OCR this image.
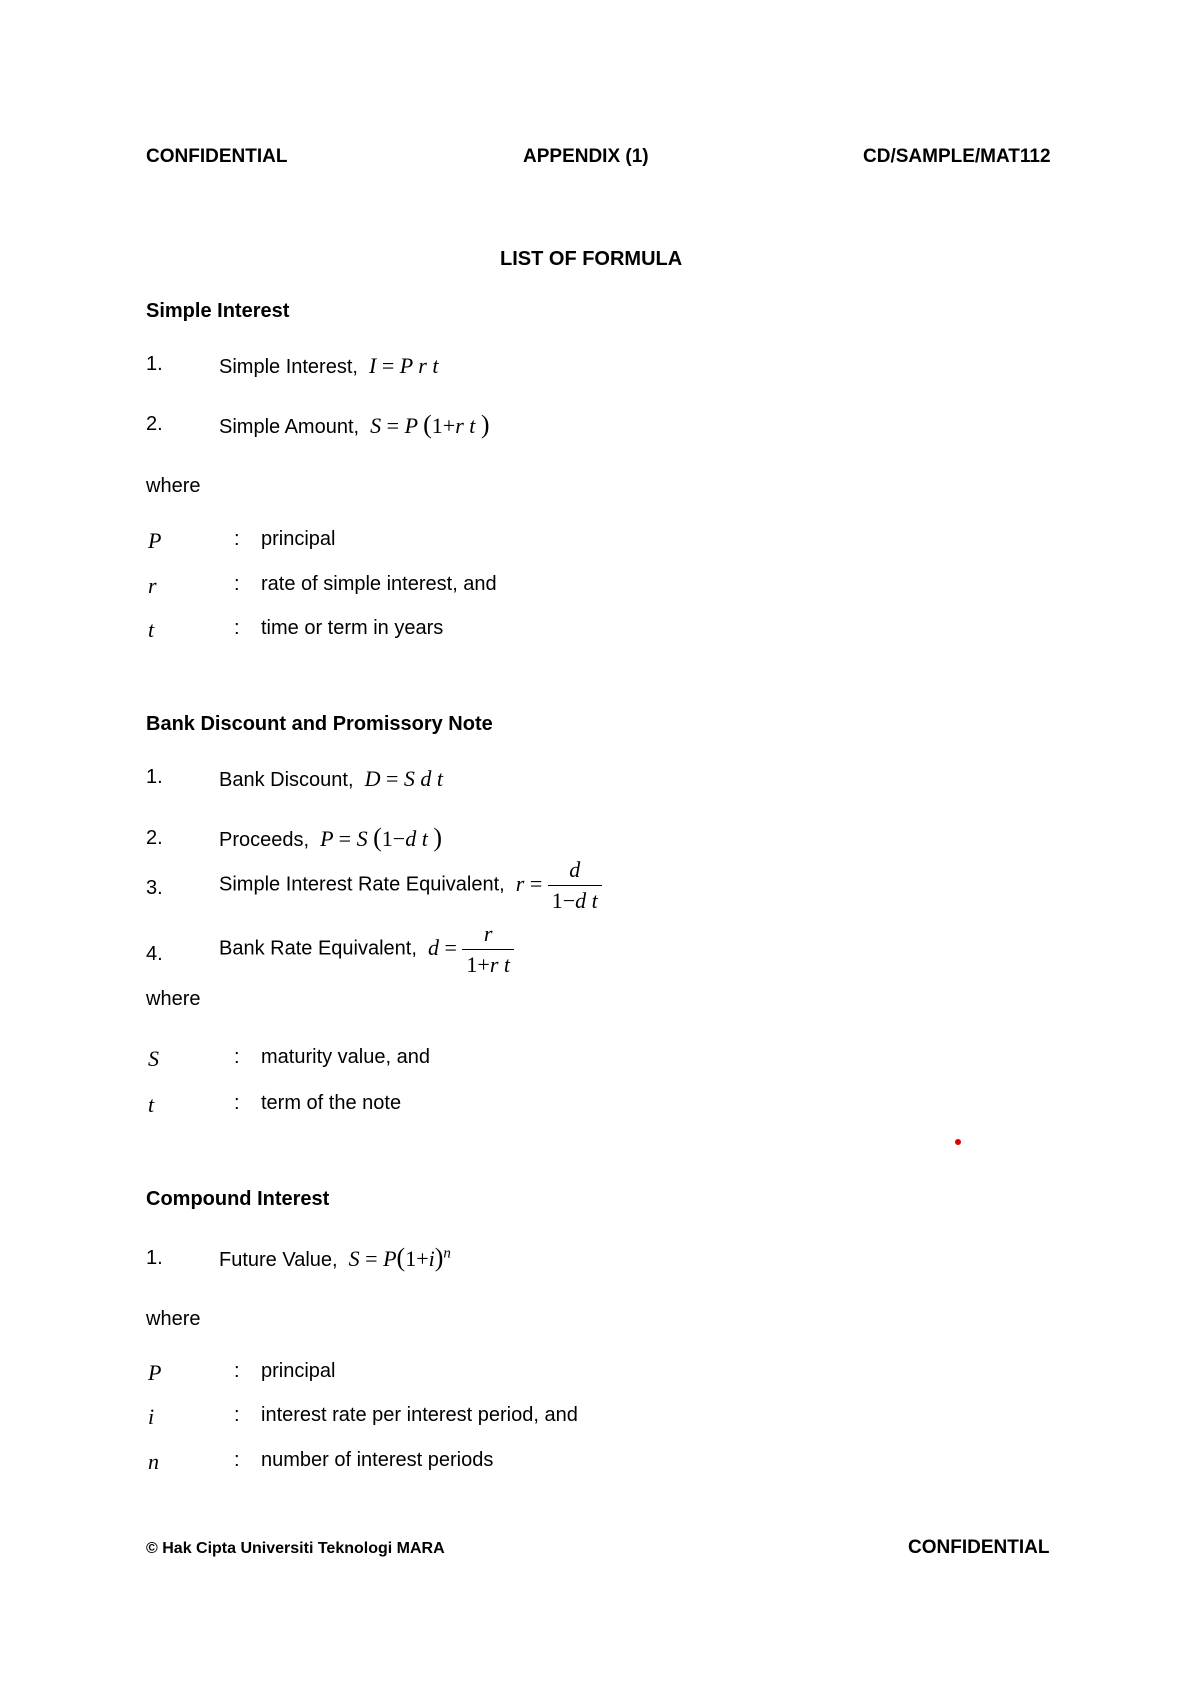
CONFIDENTIAL	APPENDIX (1)	CD/SAMPLE/MAT112
LIST OF FORMULA
Simple Interest
1.	Simple Interest,  I = P r t
2.	Simple Amount,  S = P (1+r t )
where
P	: principal
r	: rate of simple interest, and
t	: time or term in years
Bank Discount and Promissory Note
1.	Bank Discount,  D = S d t
2.	Proceeds,  P = S (1−d t )
3.	Simple Interest Rate Equivalent,  $r = \frac{d}{\text{1−d t}}$
4.	Bank Rate Equivalent,  $d = \frac{r}{\text{1+r t}}$
where
S	: maturity value, and
t	: term of the note
Compound Interest
1.	Future Value,  $S = P(1+i)^n$
where
P	: principal
i	: interest rate per interest period, and
n	: number of interest periods
© Hak Cipta Universiti Teknologi MARA	CONFIDENTIAL
